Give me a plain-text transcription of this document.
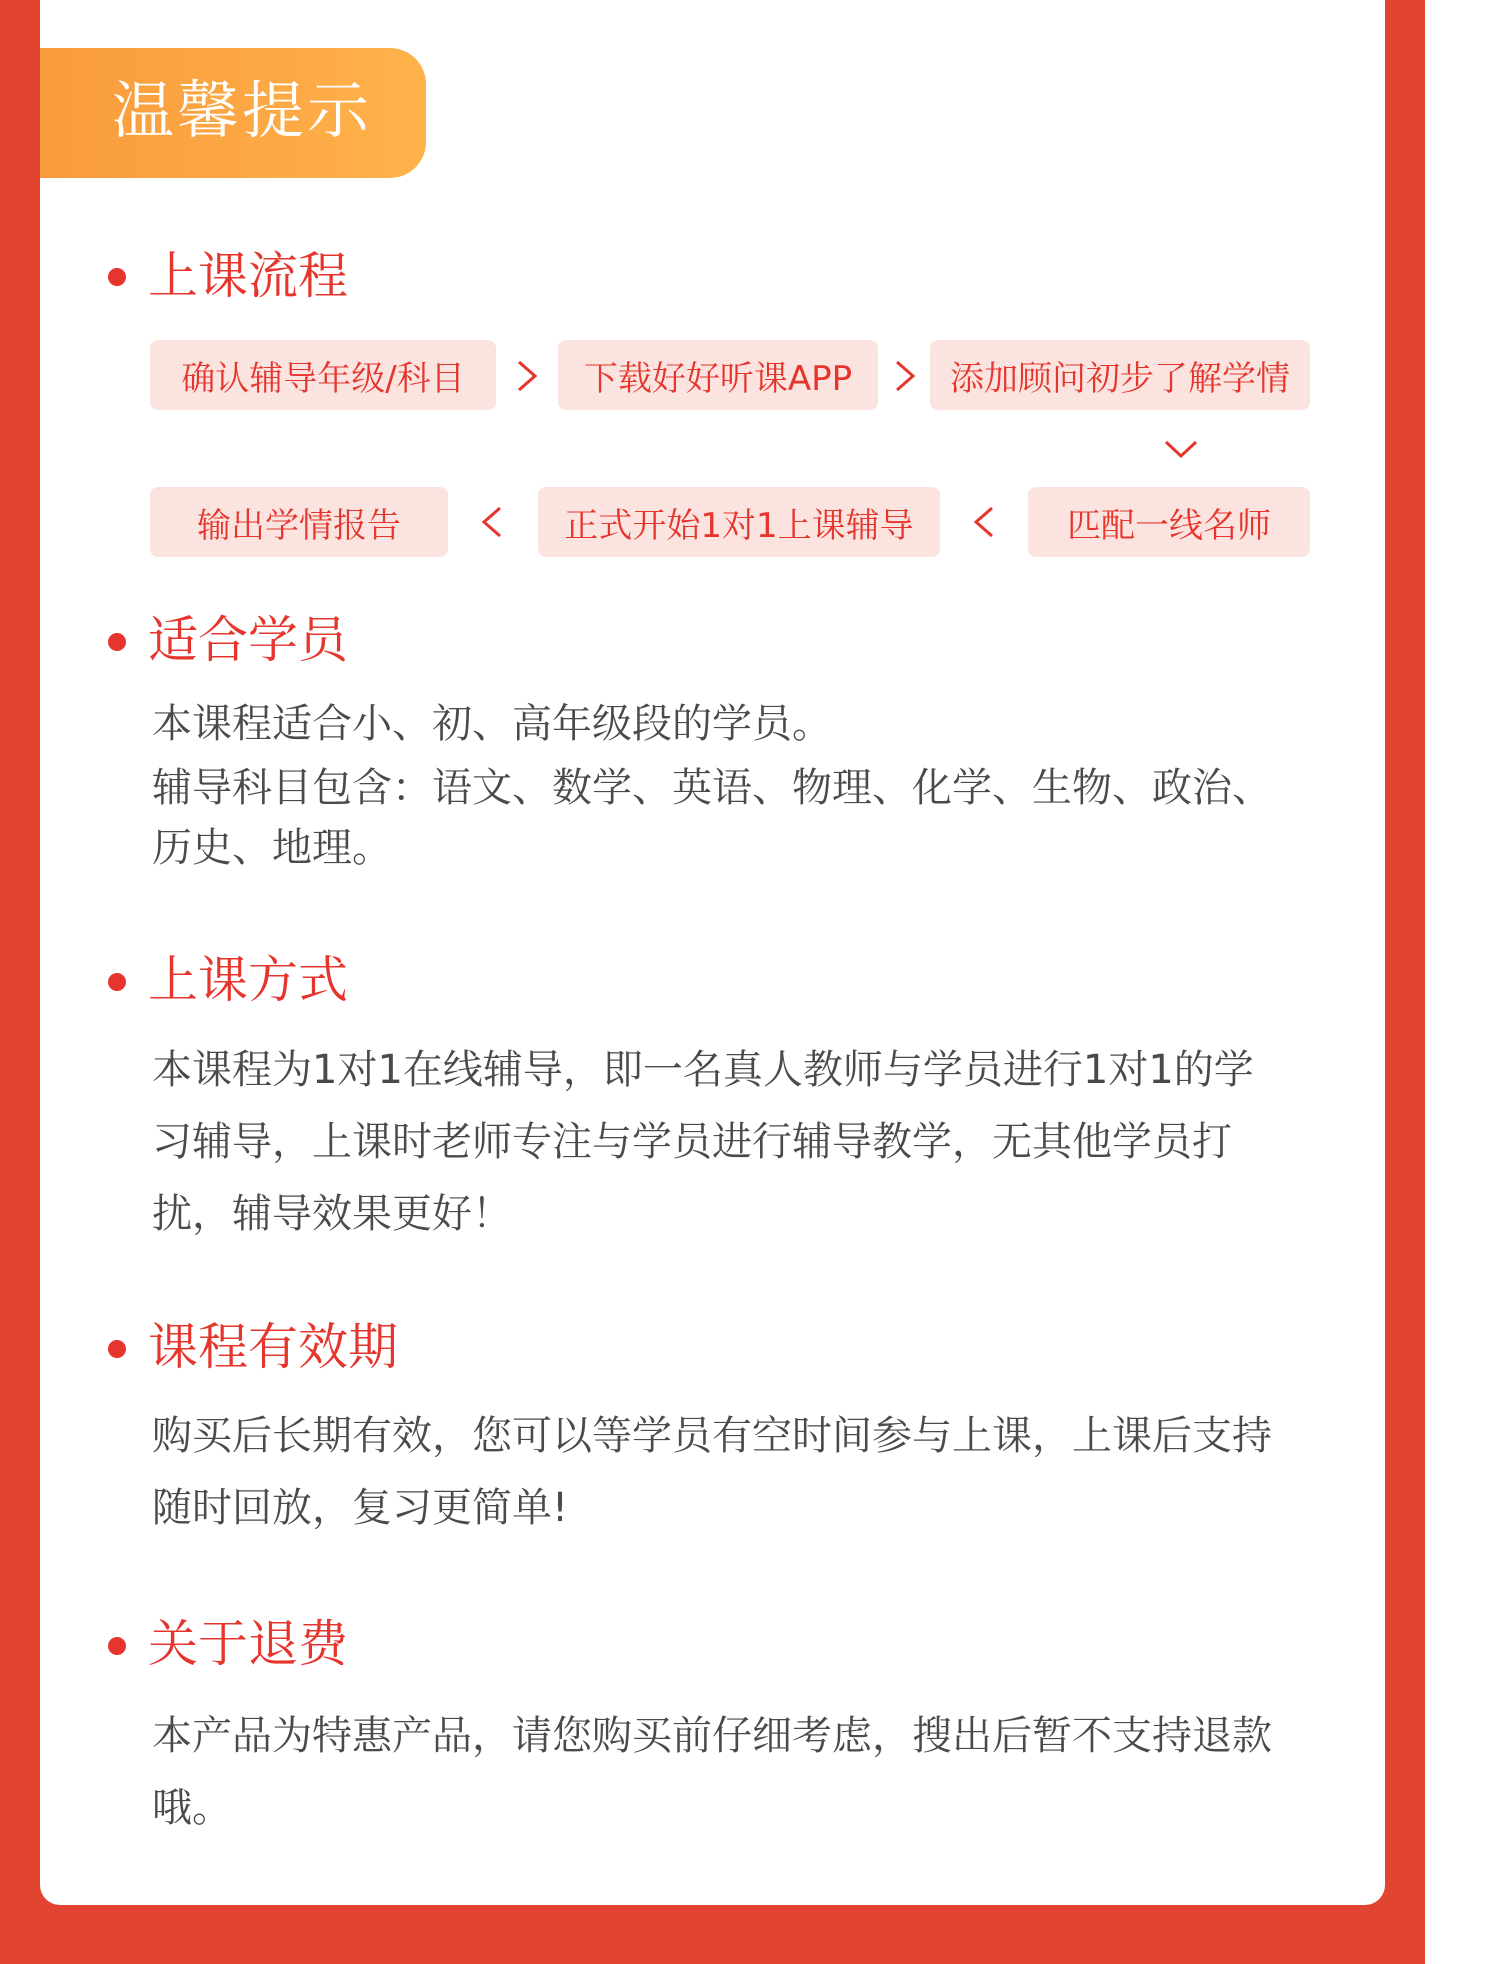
温馨提示
上课流程
确认辅导年级/科目	下载好好听课APP	添加顾问初步了解学情
匹配一线名师
正式开始1对1上课辅导
输出学情报告
适合学员

本课程适合小、初、高年级段的学员。

辅导科目包含：语文、数学、英语、物理、化学、生物、政治、历史、地理。

上课方式

本课程为1对1在线辅导，即一名真人教师与学员进行1对1的学习辅导，上课时老师专注与学员进行辅导教学，无其他学员打扰，辅导效果更好！

课程有效期

购买后长期有效，您可以等学员有空时间参与上课，上课后支持随时回放，复习更简单!

关于退费

本产品为特惠产品，请您购买前仔细考虑，搜出后暂不支持退款哦。
